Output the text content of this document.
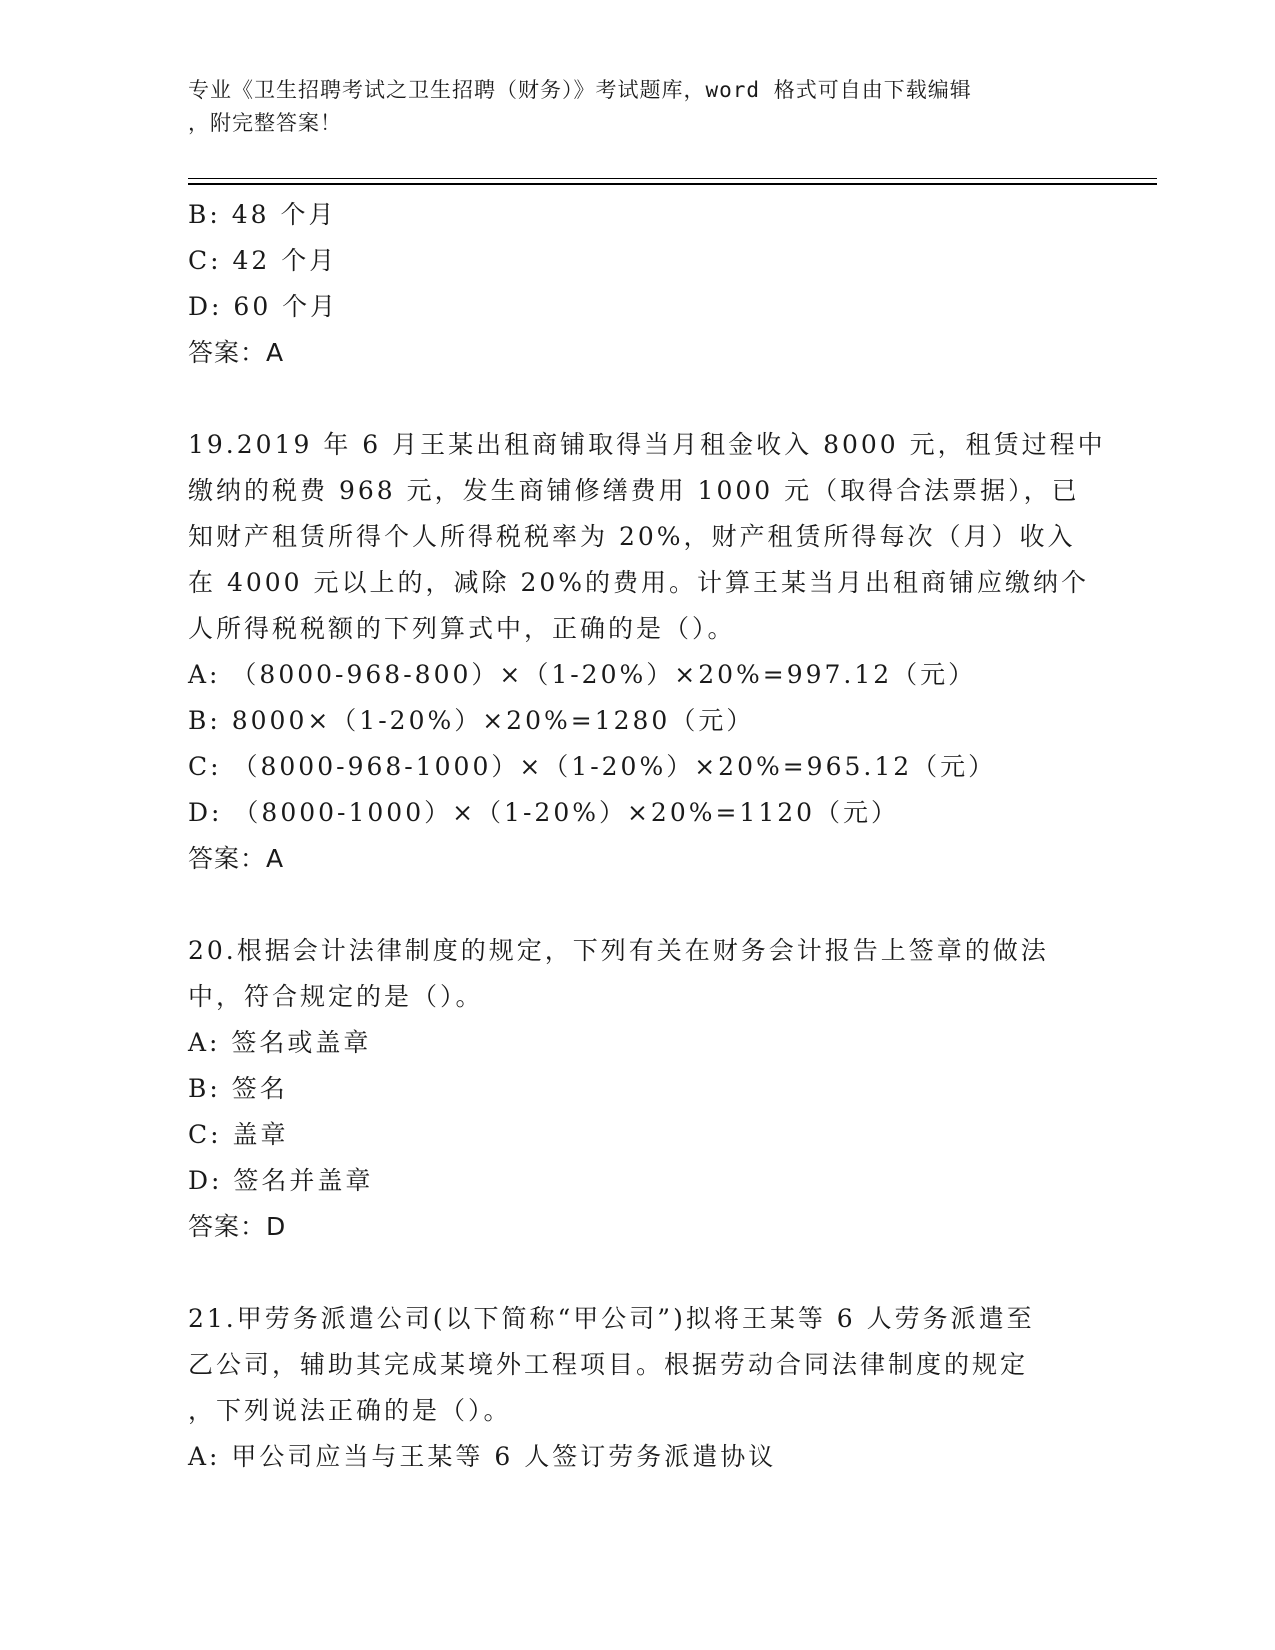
专业《卫生招聘考试之卫生招聘（财务）》考试题库，word 格式可自由下载编辑
，附完整答案！
B: 48 个月
C: 42 个月
D: 60 个月
答案：A
19.2019 年 6 月王某出租商铺取得当月租金收入 8000 元，租赁过程中
缴纳的税费 968 元，发生商铺修缮费用 1000 元（取得合法票据），已
知财产租赁所得个人所得税税率为 20%，财产租赁所得每次（月）收入
在 4000 元以上的，减除 20%的费用。计算王某当月出租商铺应缴纳个
人所得税税额的下列算式中，正确的是（）。
A: （8000-968-800）×（1-20%）×20%=997.12（元）
B: 8000×（1-20%）×20%=1280（元）
C: （8000-968-1000）×（1-20%）×20%=965.12（元）
D: （8000-1000）×（1-20%）×20%=1120（元）
答案：A
20.根据会计法律制度的规定，下列有关在财务会计报告上签章的做法
中，符合规定的是（）。
A: 签名或盖章
B: 签名
C: 盖章
D: 签名并盖章
答案：D
21.甲劳务派遣公司(以下简称“甲公司”)拟将王某等 6 人劳务派遣至
乙公司，辅助其完成某境外工程项目。根据劳动合同法律制度的规定
，下列说法正确的是（）。
A: 甲公司应当与王某等 6 人签订劳务派遣协议
